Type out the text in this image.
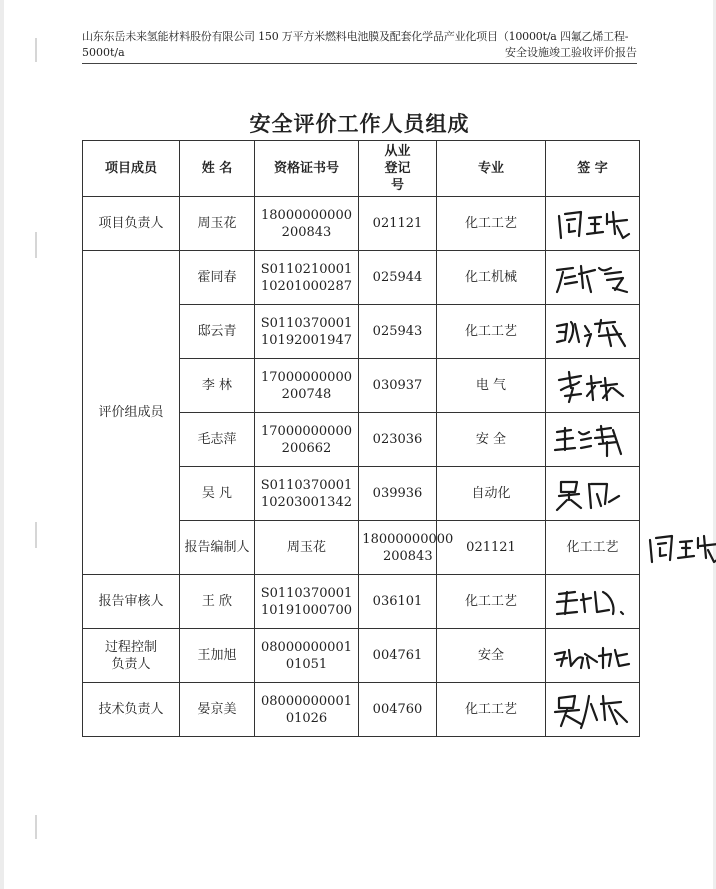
山东东岳未来氢能材料股份有限公司 150 万平方米燃料电池膜及配套化学品产业化项目（10000t/a 四氟乙烯工程-
5000t/a	安全设施竣工验收评价报告
安全评价工作人员组成
项目成员	姓 名	资格证书号	从业登记号	专业	签 字	
项目负责人	周玉花	18000000000200843	021121	化工工艺	

评价组成员	霍同春	S011021000110201000287	025944	化工机械	

	邸云青	S011037000110192001947	025943	化工工艺	

	李 林	17000000000200748	030937	电 气	

	毛志萍	17000000000200662	023036	安 全	

	吴 凡	S011037000110203001342	039936	自动化	

	报告编制人	周玉花	18000000000200843	021121	化工工艺	

报告审核人	王 欣	S011037000110191000700	036101	化工工艺	

过程控制负责人	王加旭	0800000000101051	004761	安全	

技术负责人	晏京美	0800000000101026	004760	化工工艺	
